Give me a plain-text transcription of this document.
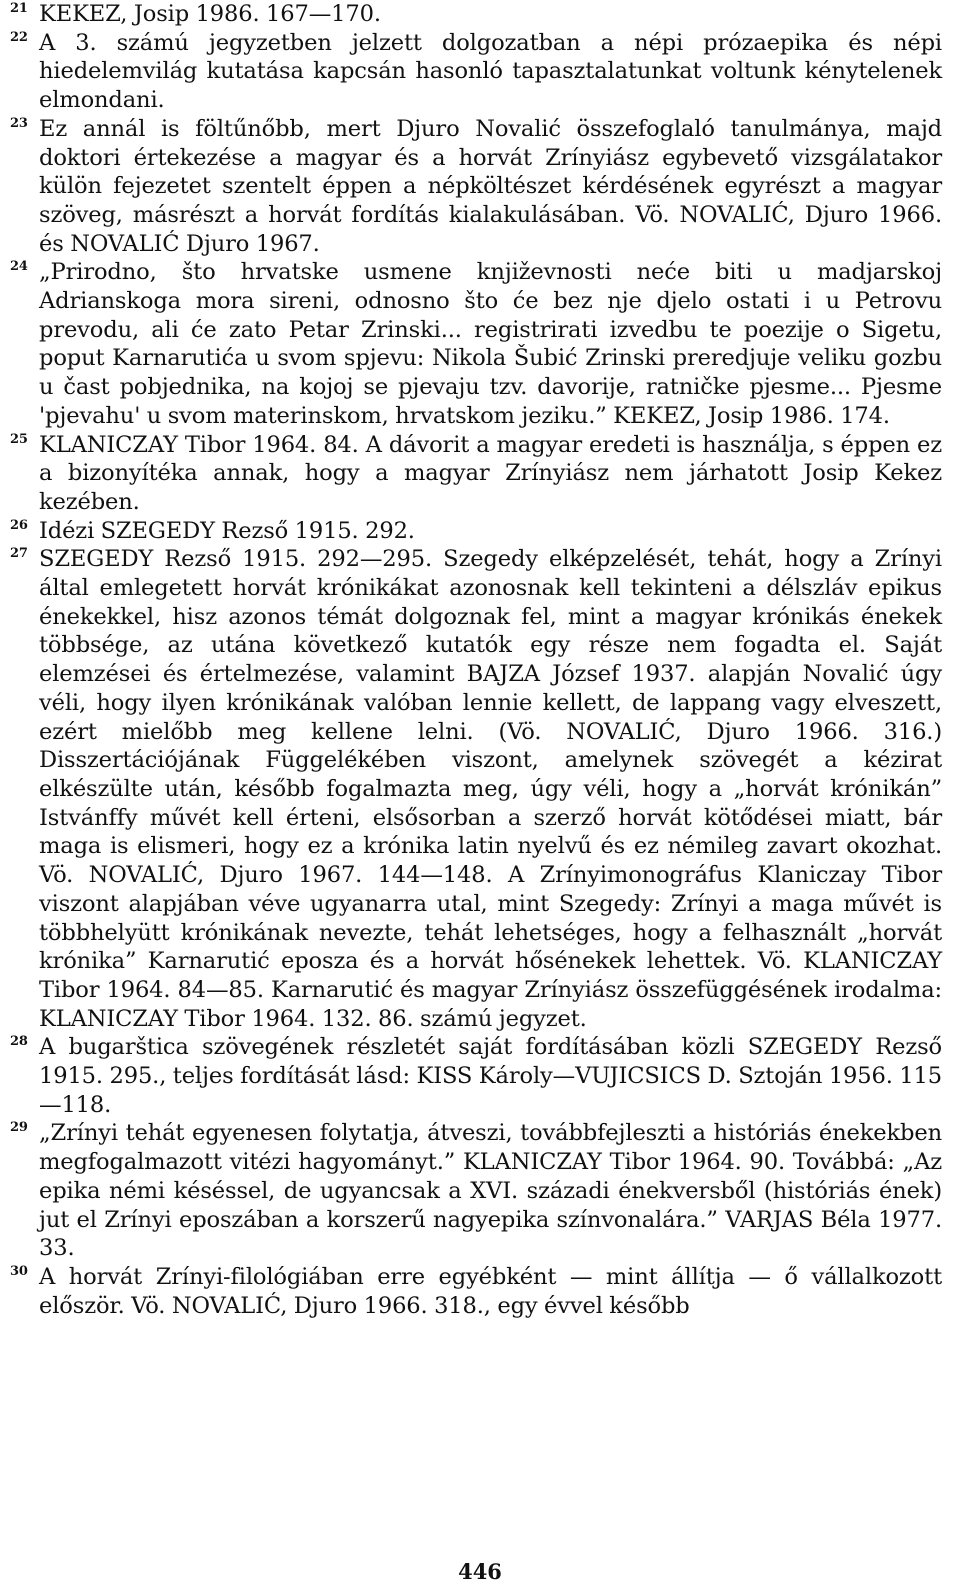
21 KEKEZ, Josip 1986. 167—170.

22 A 3. számú jegyzetben jelzett dolgozatban a népi prózaepika és népi hiedelemvilág kutatása kapcsán hasonló tapasztalatunkat voltunk kénytelenek elmondani.

23 Ez annál is föltűnőbb, mert Djuro Novalić összefoglaló tanulmánya, majd doktori értekezése a magyar és a horvát Zrínyiász egybevető vizsgálatakor külön fejezetet szentelt éppen a népköltészet kérdésének egyrészt a magyar szöveg, másrészt a horvát fordítás kialakulásában. Vö. NOVALIĆ, Djuro 1966. és NOVALIĆ Djuro 1967.

24 „Prirodno, što hrvatske usmene književnosti neće biti u madjarskoj Adrianskoga mora sireni, odnosno što će bez nje djelo ostati i u Petrovu prevodu, ali će zato Petar Zrinski... registrirati izvedbu te poezije o Sigetu, poput Karnarutića u svom spjevu: Nikola Šubić Zrinski preredjuje veliku gozbu u čast pobjednika, na kojoj se pjevaju tzv. davorije, ratničke pjesme... Pjesme 'pjevahu' u svom materinskom, hrvatskom jeziku.” KEKEZ, Josip 1986. 174.

25 KLANICZAY Tibor 1964. 84. A dávorit a magyar eredeti is használja, s éppen ez a bizonyítéka annak, hogy a magyar Zrínyiász nem járhatott Josip Kekez kezében.

26 Idézi SZEGEDY Rezső 1915. 292.

27 SZEGEDY Rezső 1915. 292—295. Szegedy elképzelését, tehát, hogy a Zrínyi által emlegetett horvát krónikákat azonosnak kell tekinteni a délszláv epikus énekekkel, hisz azonos témát dolgoznak fel, mint a magyar krónikás énekek többsége, az utána következő kutatók egy része nem fogadta el. Saját elemzései és értelmezése, valamint BAJZA József 1937. alapján Novalić úgy véli, hogy ilyen krónikának valóban lennie kellett, de lappang vagy elveszett, ezért mielőbb meg kellene lelni. (Vö. NOVALIĆ, Djuro 1966. 316.) Disszertációjának Függelékében viszont, amelynek szövegét a kézirat elkészülte után, később fogalmazta meg, úgy véli, hogy a „horvát krónikán” Istvánffy művét kell érteni, elsősorban a szerző horvát kötődései miatt, bár maga is elismeri, hogy ez a krónika latin nyelvű és ez némileg zavart okozhat. Vö. NOVALIĆ, Djuro 1967. 144—148. A Zrínyimonográfus Klaniczay Tibor viszont alapjában véve ugyanarra utal, mint Szegedy: Zrínyi a maga művét is többhelyütt krónikának nevezte, tehát lehetséges, hogy a felhasznált „horvát krónika” Karnarutić eposza és a horvát hősénekek lehettek. Vö. KLANICZAY Tibor 1964. 84—85. Karnarutić és magyar Zrínyiász összefüggésének irodalma: KLANICZAY Tibor 1964. 132. 86. számú jegyzet.

28 A bugarštica szövegének részletét saját fordításában közli SZEGEDY Rezső 1915. 295., teljes fordítását lásd: KISS Károly—VUJICSICS D. Sztoján 1956. 115—118.

29 „Zrínyi tehát egyenesen folytatja, átveszi, továbbfejleszti a históriás énekekben megfogalmazott vitézi hagyományt.” KLANICZAY Tibor 1964. 90. Továbbá: „Az epika némi késéssel, de ugyancsak a XVI. századi énekversből (históriás ének) jut el Zrínyi eposzában a korszerű nagyepika színvonalára.” VARJAS Béla 1977. 33.

30 A horvát Zrínyi-filológiában erre egyébként — mint állítja — ő vállalkozott először. Vö. NOVALIĆ, Djuro 1966. 318., egy évvel később

446
